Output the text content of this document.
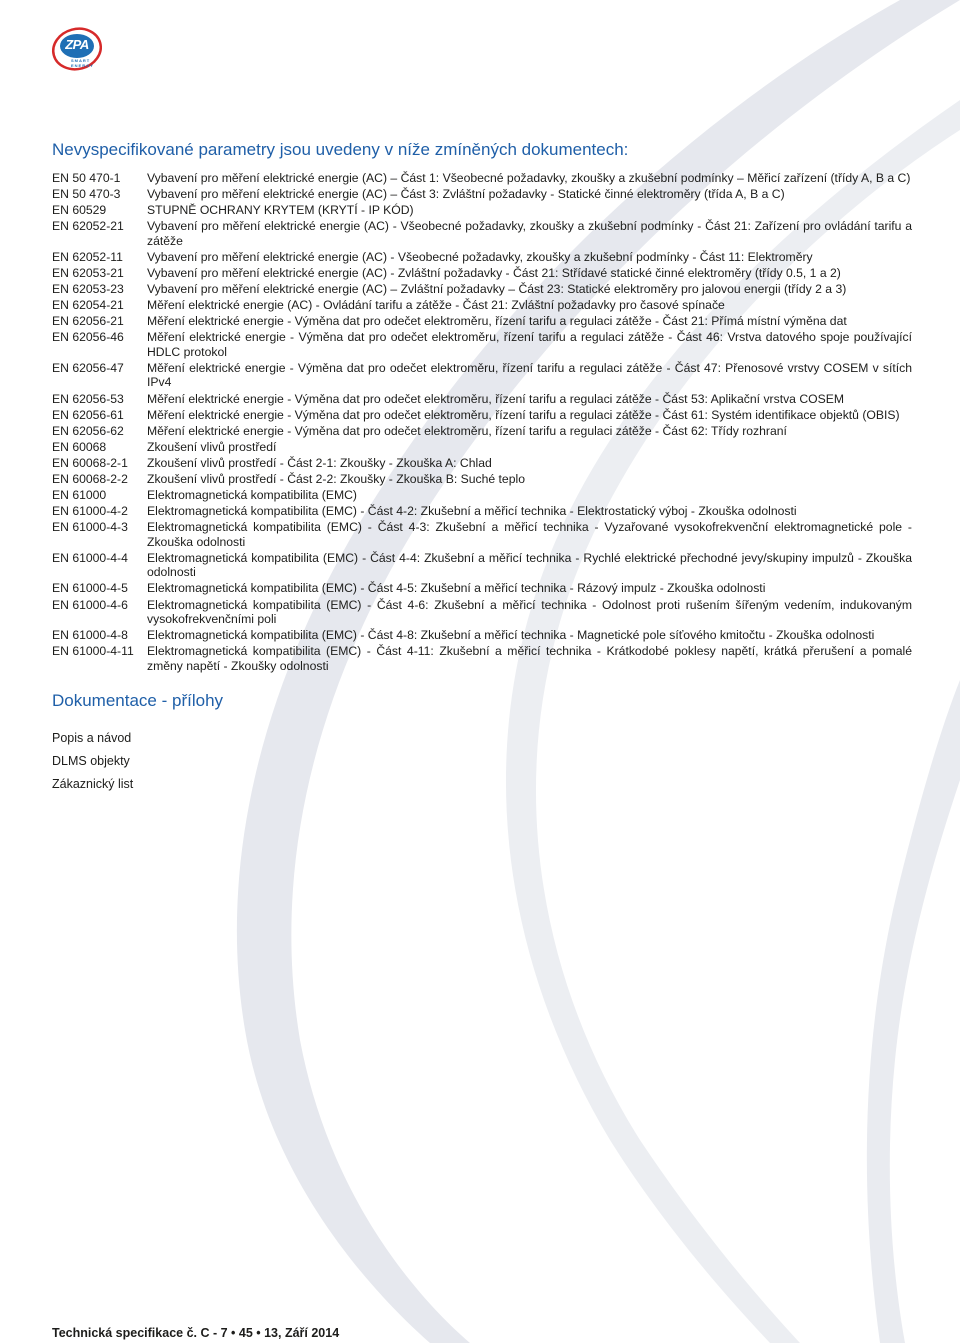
ZPA
SMART
ENERGY
Nevyspecifikované parametry jsou uvedeny v níže zmíněných dokumentech:
EN 50 470-1	Vybavení pro měření elektrické energie (AC) – Část 1: Všeobecné požadavky, zkoušky a zkušební podmínky – Měřicí zařízení (třídy A, B a C)
EN 50 470-3	Vybavení pro měření elektrické energie (AC) – Část 3: Zvláštní požadavky - Statické činné elektroměry (třída A, B a C)
EN 60529	STUPNĚ OCHRANY KRYTEM (KRYTÍ - IP KÓD)
EN 62052-21	Vybavení pro měření elektrické energie (AC) - Všeobecné požadavky, zkoušky a zkušební podmínky - Část 21: Zařízení pro ovládání tarifu a zátěže
EN 62052-11	Vybavení pro měření elektrické energie (AC) - Všeobecné požadavky, zkoušky a zkušební podmínky - Část 11: Elektroměry
EN 62053-21	Vybavení pro měření elektrické energie (AC) - Zvláštní požadavky - Část 21: Střídavé statické činné elektroměry (třídy 0.5, 1 a 2)
EN 62053-23	Vybavení pro měření elektrické energie (AC) – Zvláštní požadavky – Část 23: Statické elektroměry pro jalovou energii (třídy 2 a 3)
EN 62054-21	Měření elektrické energie (AC) - Ovládání tarifu a zátěže - Část 21: Zvláštní požadavky pro časové spínače
EN 62056-21	Měření elektrické energie - Výměna dat pro odečet elektroměru, řízení tarifu a regulaci zátěže - Část 21: Přímá místní výměna dat
EN 62056-46	Měření elektrické energie - Výměna dat pro odečet elektroměru, řízení tarifu a regulaci zátěže - Část 46: Vrstva datového spoje používající HDLC protokol
EN 62056-47	Měření elektrické energie - Výměna dat pro odečet elektroměru, řízení tarifu a regulaci zátěže - Část 47: Přenosové vrstvy COSEM v sítích IPv4
EN 62056-53	Měření elektrické energie - Výměna dat pro odečet elektroměru, řízení tarifu a regulaci zátěže - Část 53: Aplikační vrstva COSEM
EN 62056-61	Měření elektrické energie - Výměna dat pro odečet elektroměru, řízení tarifu a regulaci zátěže - Část 61: Systém identifikace objektů (OBIS)
EN 62056-62	Měření elektrické energie - Výměna dat pro odečet elektroměru, řízení tarifu a regulaci zátěže - Část 62: Třídy rozhraní
EN 60068	Zkoušení vlivů prostředí
EN 60068-2-1	Zkoušení vlivů prostředí - Část 2-1: Zkoušky - Zkouška A: Chlad
EN 60068-2-2	Zkoušení vlivů prostředí - Část 2-2: Zkoušky - Zkouška B: Suché teplo
EN 61000	Elektromagnetická kompatibilita (EMC)
EN 61000-4-2	Elektromagnetická kompatibilita (EMC) - Část 4-2: Zkušební a měřicí technika - Elektrostatický výboj - Zkouška odolnosti
EN 61000-4-3	Elektromagnetická kompatibilita (EMC) - Část 4-3: Zkušební a měřicí technika - Vyzařované vysokofrekvenční elektromagnetické pole - Zkouška odolnosti
EN 61000-4-4	Elektromagnetická kompatibilita (EMC) - Část 4-4: Zkušební a měřicí technika - Rychlé elektrické přechodné jevy/skupiny impulzů - Zkouška odolnosti
EN 61000-4-5	Elektromagnetická kompatibilita (EMC) - Část 4-5: Zkušební a měřicí technika - Rázový impulz - Zkouška odolnosti
EN 61000-4-6	Elektromagnetická kompatibilita (EMC) - Část 4-6: Zkušební a měřicí technika - Odolnost proti rušením šířeným vedením, indukovaným vysokofrekvenčními poli
EN 61000-4-8	Elektromagnetická kompatibilita (EMC) - Část 4-8: Zkušební a měřicí technika - Magnetické pole síťového kmitočtu - Zkouška odolnosti
EN 61000-4-11	Elektromagnetická kompatibilita (EMC) - Část 4-11: Zkušební a měřicí technika - Krátkodobé poklesy napětí, krátká přerušení a pomalé změny napětí - Zkoušky odolnosti
Dokumentace - přílohy
Popis a návod
DLMS objekty
Zákaznický list
Technická specifikace č. C - 7 • 45 • 13, Září 2014
